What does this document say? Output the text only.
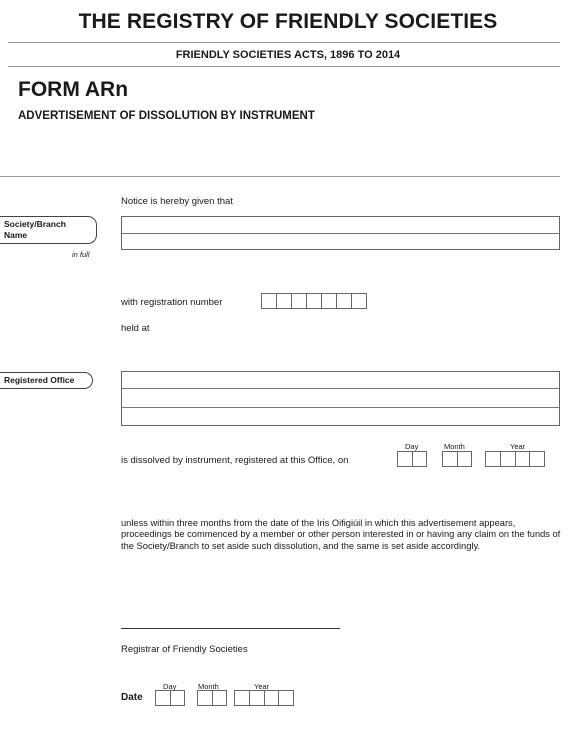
THE REGISTRY OF FRIENDLY SOCIETIES
FRIENDLY SOCIETIES ACTS, 1896 TO 2014
FORM ARn
ADVERTISEMENT OF DISSOLUTION BY INSTRUMENT
Notice is hereby given that
Society/Branch Name
in full
with registration number
held at
Registered Office
Day	Month	Year
is dissolved by instrument, registered at this Office, on
unless within three months from the date of the Iris Oifigiúil in which this advertisement appears, proceedings be commenced by a member or other person interested in or having any claim on the funds of the Society/Branch to set aside such dissolution, and the same is set aside accordingly.
Registrar of Friendly Societies
Day	Month	Year
Date
